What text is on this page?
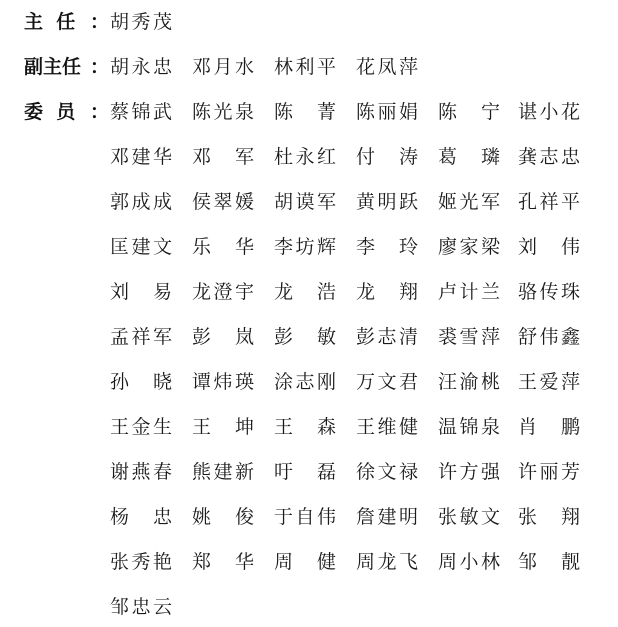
主  任 ：
副主任 ：
委  员 ：
胡 秀 茂
胡 永 忠 邓 月 水 林 利 平 花 凤 萍
蔡 锦 武 陈 光 泉 陈 菁 陈 丽 娟 陈 宁 谌 小 花
邓 建 华 邓 军 杜 永 红 付 涛 葛 璘 龚 志 忠
郭 成 成 侯 翠 媛 胡 谟 军 黄 明 跃 姬 光 军 孔 祥 平
匡 建 文 乐 华 李 坊 辉 李 玲 廖 家 梁 刘 伟
刘 易 龙 澄 宇 龙 浩 龙 翔 卢 计 兰 骆 传 珠
孟 祥 军 彭 岚 彭 敏 彭 志 清 裘 雪 萍 舒 伟 鑫
孙 晓 谭 炜 瑛 涂 志 刚 万 文 君 汪 渝 桃 王 爱 萍
王 金 生 王 坤 王 森 王 维 健 温 锦 泉 肖 鹏
谢 燕 春 熊 建 新 吁 磊 徐 文 禄 许 方 强 许 丽 芳
杨 忠 姚 俊 于 自 伟 詹 建 明 张 敏 文 张 翔
张 秀 艳 郑 华 周 健 周 龙 飞 周 小 林 邹 靓
邹 忠 云
